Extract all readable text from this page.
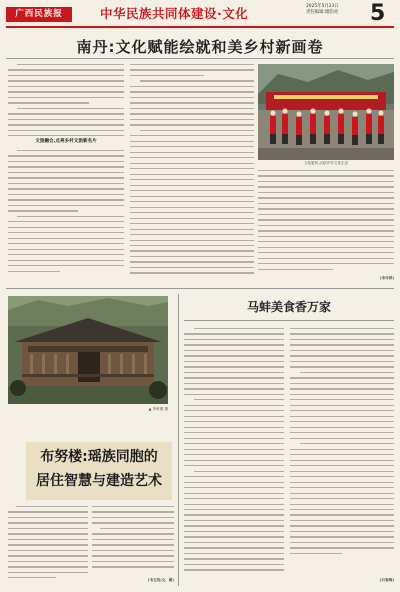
广西民族报	中华民族共同体建设·文化	2025年5月23日
责任编辑:谢韵亮 5
南丹:文化赋能绘就和美乡村新画卷
文旅融合,点亮乡村文旅新名片
文化惠民,活跃乡村文化生活
(李丹萍)
▲ 李荣德 摄
布努楼:瑶族同胞的
居住智慧与建造艺术
(韦玉英/文、图)
马蚌美食香万家
(石春梅)
